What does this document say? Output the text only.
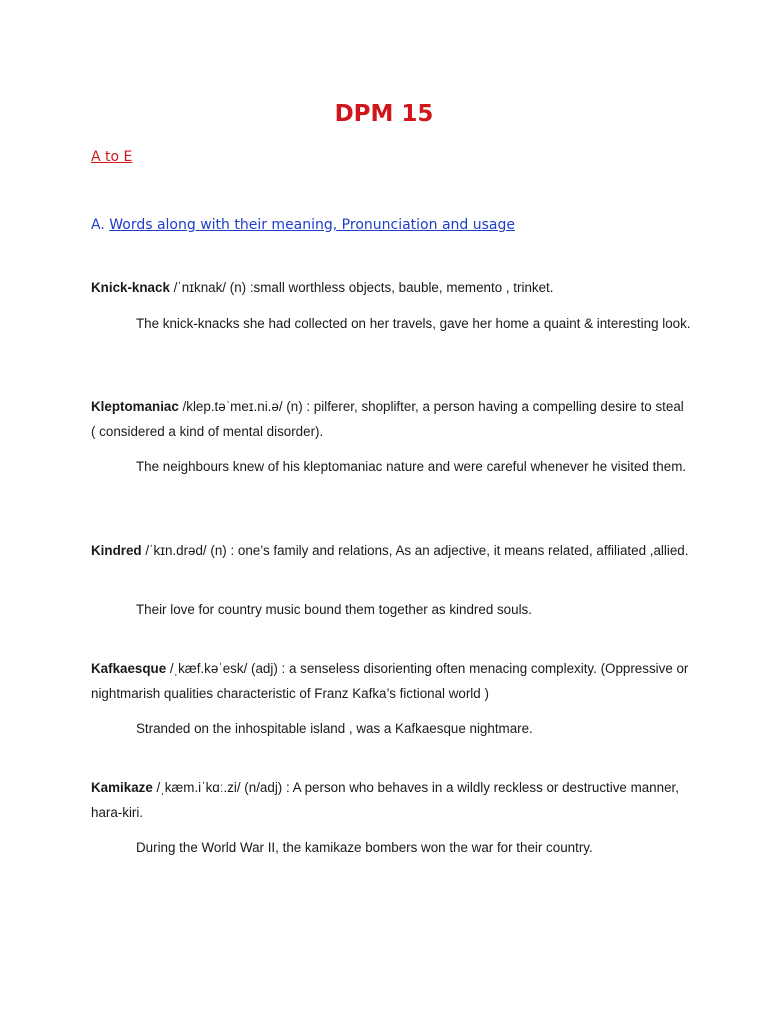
DPM 15
A to E
A. Words along with their meaning, Pronunciation and usage
Knick-knack /ˈnɪknak/ (n) :small worthless objects, bauble, memento , trinket.
The knick-knacks she had collected on her travels, gave her home a quaint & interesting look.
Kleptomaniac /klep.təˈmeɪ.ni.ə/ (n) : pilferer, shoplifter, a person having a compelling desire to steal ( considered a kind of mental disorder).
The neighbours knew of his kleptomaniac nature and were careful whenever he visited them.
Kindred /ˈkɪn.drəd/ (n) : one’s family and relations, As an adjective, it means related, affiliated ,allied.
Their love for country music bound them together as kindred souls.
Kafkaesque /ˌkæf.kəˈesk/ (adj) : a senseless disorienting often menacing complexity. (Oppressive or nightmarish qualities characteristic of Franz Kafka’s fictional world )
Stranded on the inhospitable island , was a Kafkaesque nightmare.
Kamikaze /ˌkæm.iˈkɑː.zi/ (n/adj) : A person who behaves in a wildly reckless or destructive manner, hara-kiri.
During the World War II, the kamikaze bombers won the war for their country.
